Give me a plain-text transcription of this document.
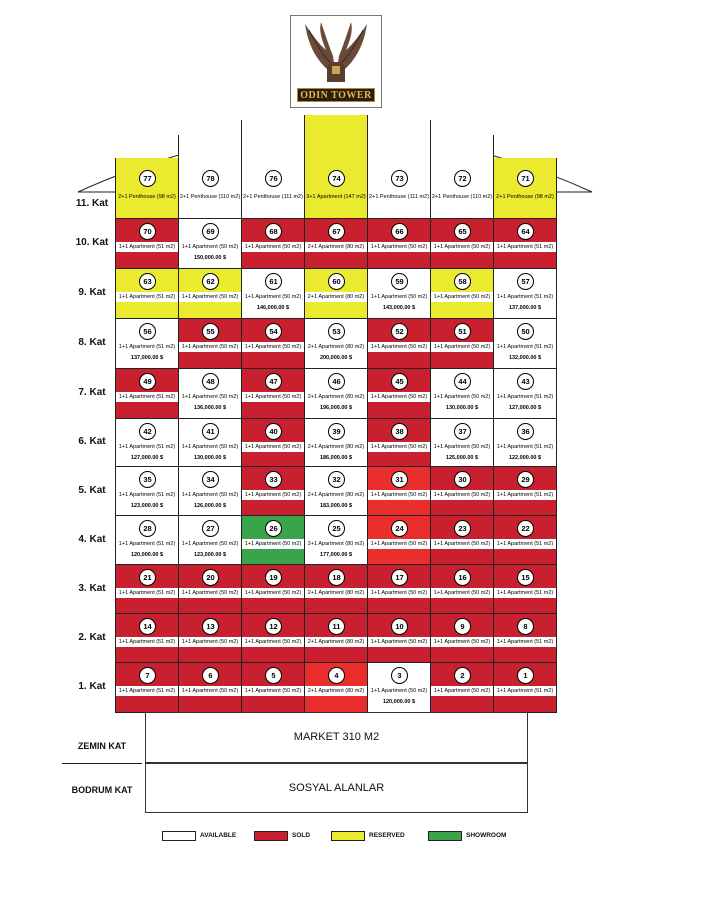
ODIN TOWER
11. Kat
77
2+1 Penthouse (98 m2)
78
2+1 Penthouse (110 m2)
76
2+1 Penthouse (111 m2)
74
3+1 Apartment (147 m2)
73
2+1 Penthouse (111 m2)
72
2+1 Penthouse (110 m2)
71
2+1 Penthouse (98 m2)
10. Kat
70
1+1 Apartment (51 m2)
69
1+1 Apartment (50 m2)
150,000.00 $
68
1+1 Apartment (50 m2)
67
2+1 Apartment (80 m2)
66
1+1 Apartment (50 m2)
65
1+1 Apartment (50 m2)
64
1+1 Apartment (51 m2)
9. Kat
63
1+1 Apartment (51 m2)
62
1+1 Apartment (50 m2)
61
1+1 Apartment (50 m2)
146,000.00 $
60
2+1 Apartment (80 m2)
59
1+1 Apartment (50 m2)
143,000.00 $
58
1+1 Apartment (50 m2)
57
1+1 Apartment (51 m2)
137,000.00 $
8. Kat
56
1+1 Apartment (51 m2)
137,000.00 $
55
1+1 Apartment (50 m2)
54
1+1 Apartment (50 m2)
53
2+1 Apartment (80 m2)
200,000.00 $
52
1+1 Apartment (50 m2)
51
1+1 Apartment (50 m2)
50
1+1 Apartment (51 m2)
132,000.00 $
7. Kat
49
1+1 Apartment (51 m2)
48
1+1 Apartment (50 m2)
136,000.00 $
47
1+1 Apartment (50 m2)
46
2+1 Apartment (80 m2)
196,000.00 $
45
1+1 Apartment (50 m2)
44
1+1 Apartment (50 m2)
130,000.00 $
43
1+1 Apartment (51 m2)
127,000.00 $
6. Kat
42
1+1 Apartment (51 m2)
127,000.00 $
41
1+1 Apartment (50 m2)
130,000.00 $
40
1+1 Apartment (50 m2)
39
2+1 Apartment (80 m2)
186,000.00 $
38
1+1 Apartment (50 m2)
37
1+1 Apartment (50 m2)
125,000.00 $
36
1+1 Apartment (51 m2)
122,000.00 $
5. Kat
35
1+1 Apartment (51 m2)
123,000.00 $
34
1+1 Apartment (50 m2)
126,000.00 $
33
1+1 Apartment (50 m2)
32
2+1 Apartment (80 m2)
183,000.00 $
31
1+1 Apartment (50 m2)
30
1+1 Apartment (50 m2)
29
1+1 Apartment (51 m2)
4. Kat
28
1+1 Apartment (51 m2)
120,000.00 $
27
1+1 Apartment (50 m2)
123,000.00 $
26
1+1 Apartment (50 m2)
25
2+1 Apartment (80 m2)
177,000.00 $
24
1+1 Apartment (50 m2)
23
1+1 Apartment (50 m2)
22
1+1 Apartment (51 m2)
3. Kat
21
1+1 Apartment (51 m2)
20
1+1 Apartment (50 m2)
19
1+1 Apartment (50 m2)
18
2+1 Apartment (80 m2)
17
1+1 Apartment (50 m2)
16
1+1 Apartment (50 m2)
15
1+1 Apartment (51 m2)
2. Kat
14
1+1 Apartment (51 m2)
13
1+1 Apartment (50 m2)
12
1+1 Apartment (50 m2)
11
2+1 Apartment (80 m2)
10
1+1 Apartment (50 m2)
9
1+1 Apartment (50 m2)
8
1+1 Apartment (51 m2)
1. Kat
7
1+1 Apartment (51 m2)
6
1+1 Apartment (50 m2)
5
1+1 Apartment (50 m2)
4
2+1 Apartment (80 m2)
3
1+1 Apartment (50 m2)
120,000.00 $
2
1+1 Apartment (50 m2)
1
1+1 Apartment (51 m2)
ZEMIN KAT
MARKET 310 M2
BODRUM KAT	SOSYAL ALANLAR
AVAILABLE	SOLD	RESERVED	SHOWROOM
